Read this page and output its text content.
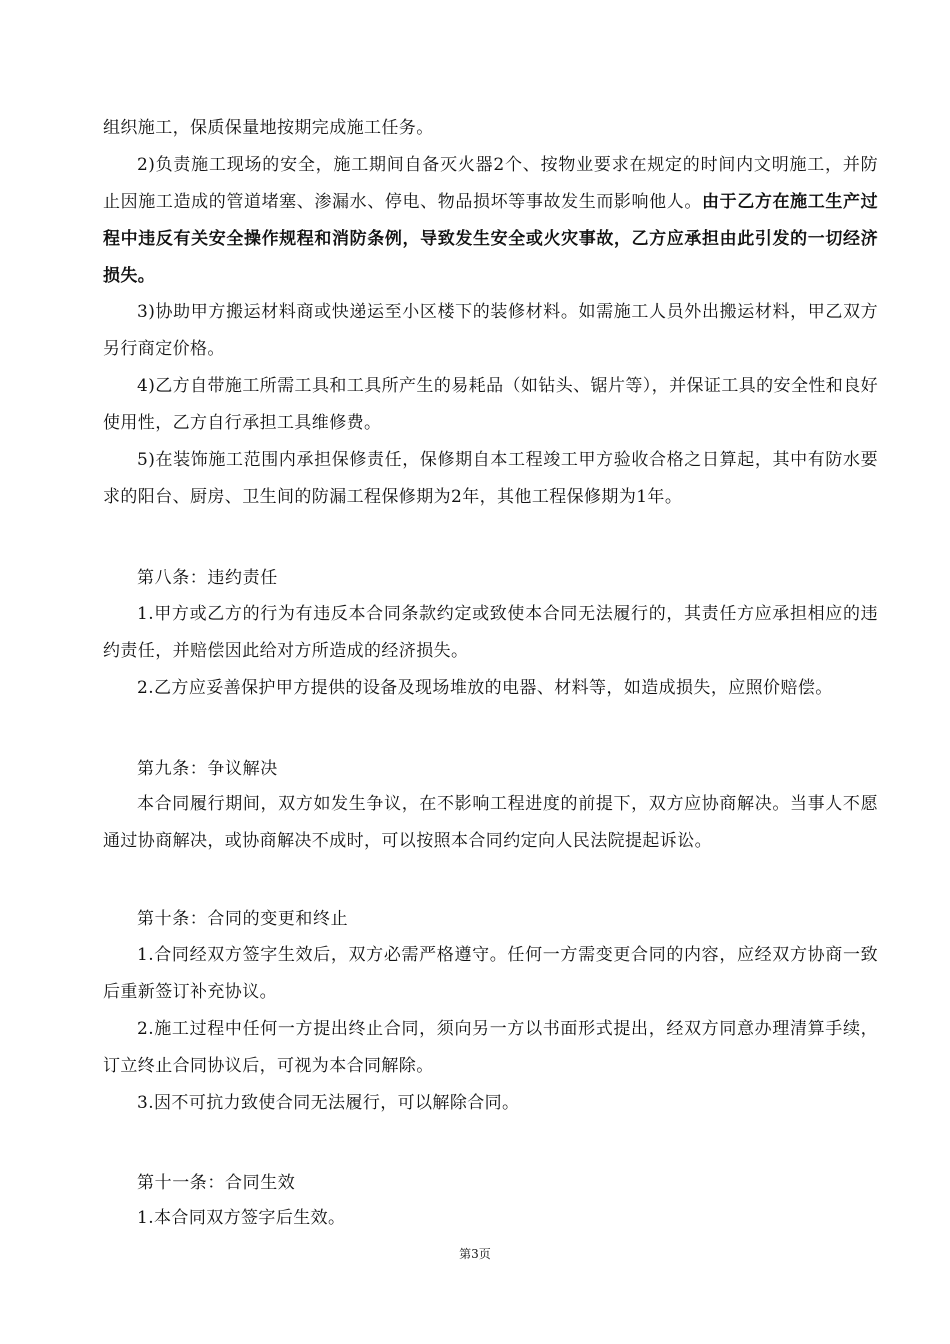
组织施工，保质保量地按期完成施工任务。

2)负责施工现场的安全，施工期间自备灭火器2个、按物业要求在规定的时间内文明施工，并防止因施工造成的管道堵塞、渗漏水、停电、物品损坏等事故发生而影响他人。由于乙方在施工生产过程中违反有关安全操作规程和消防条例，导致发生安全或火灾事故，乙方应承担由此引发的一切经济损失。

3)协助甲方搬运材料商或快递运至小区楼下的装修材料。如需施工人员外出搬运材料，甲乙双方另行商定价格。

4)乙方自带施工所需工具和工具所产生的易耗品（如钻头、锯片等），并保证工具的安全性和良好使用性，乙方自行承担工具维修费。

5)在装饰施工范围内承担保修责任，保修期自本工程竣工甲方验收合格之日算起，其中有防水要求的阳台、厨房、卫生间的防漏工程保修期为2年，其他工程保修期为1年。

第八条：违约责任

1.甲方或乙方的行为有违反本合同条款约定或致使本合同无法履行的，其责任方应承担相应的违约责任，并赔偿因此给对方所造成的经济损失。

2.乙方应妥善保护甲方提供的设备及现场堆放的电器、材料等，如造成损失，应照价赔偿。

第九条：争议解决

本合同履行期间，双方如发生争议，在不影响工程进度的前提下，双方应协商解决。当事人不愿通过协商解决，或协商解决不成时，可以按照本合同约定向人民法院提起诉讼。

第十条：合同的变更和终止

1.合同经双方签字生效后，双方必需严格遵守。任何一方需变更合同的内容，应经双方协商一致后重新签订补充协议。

2.施工过程中任何一方提出终止合同，须向另一方以书面形式提出，经双方同意办理清算手续，订立终止合同协议后，可视为本合同解除。

3.因不可抗力致使合同无法履行，可以解除合同。

第十一条：合同生效

1.本合同双方签字后生效。

第3页
